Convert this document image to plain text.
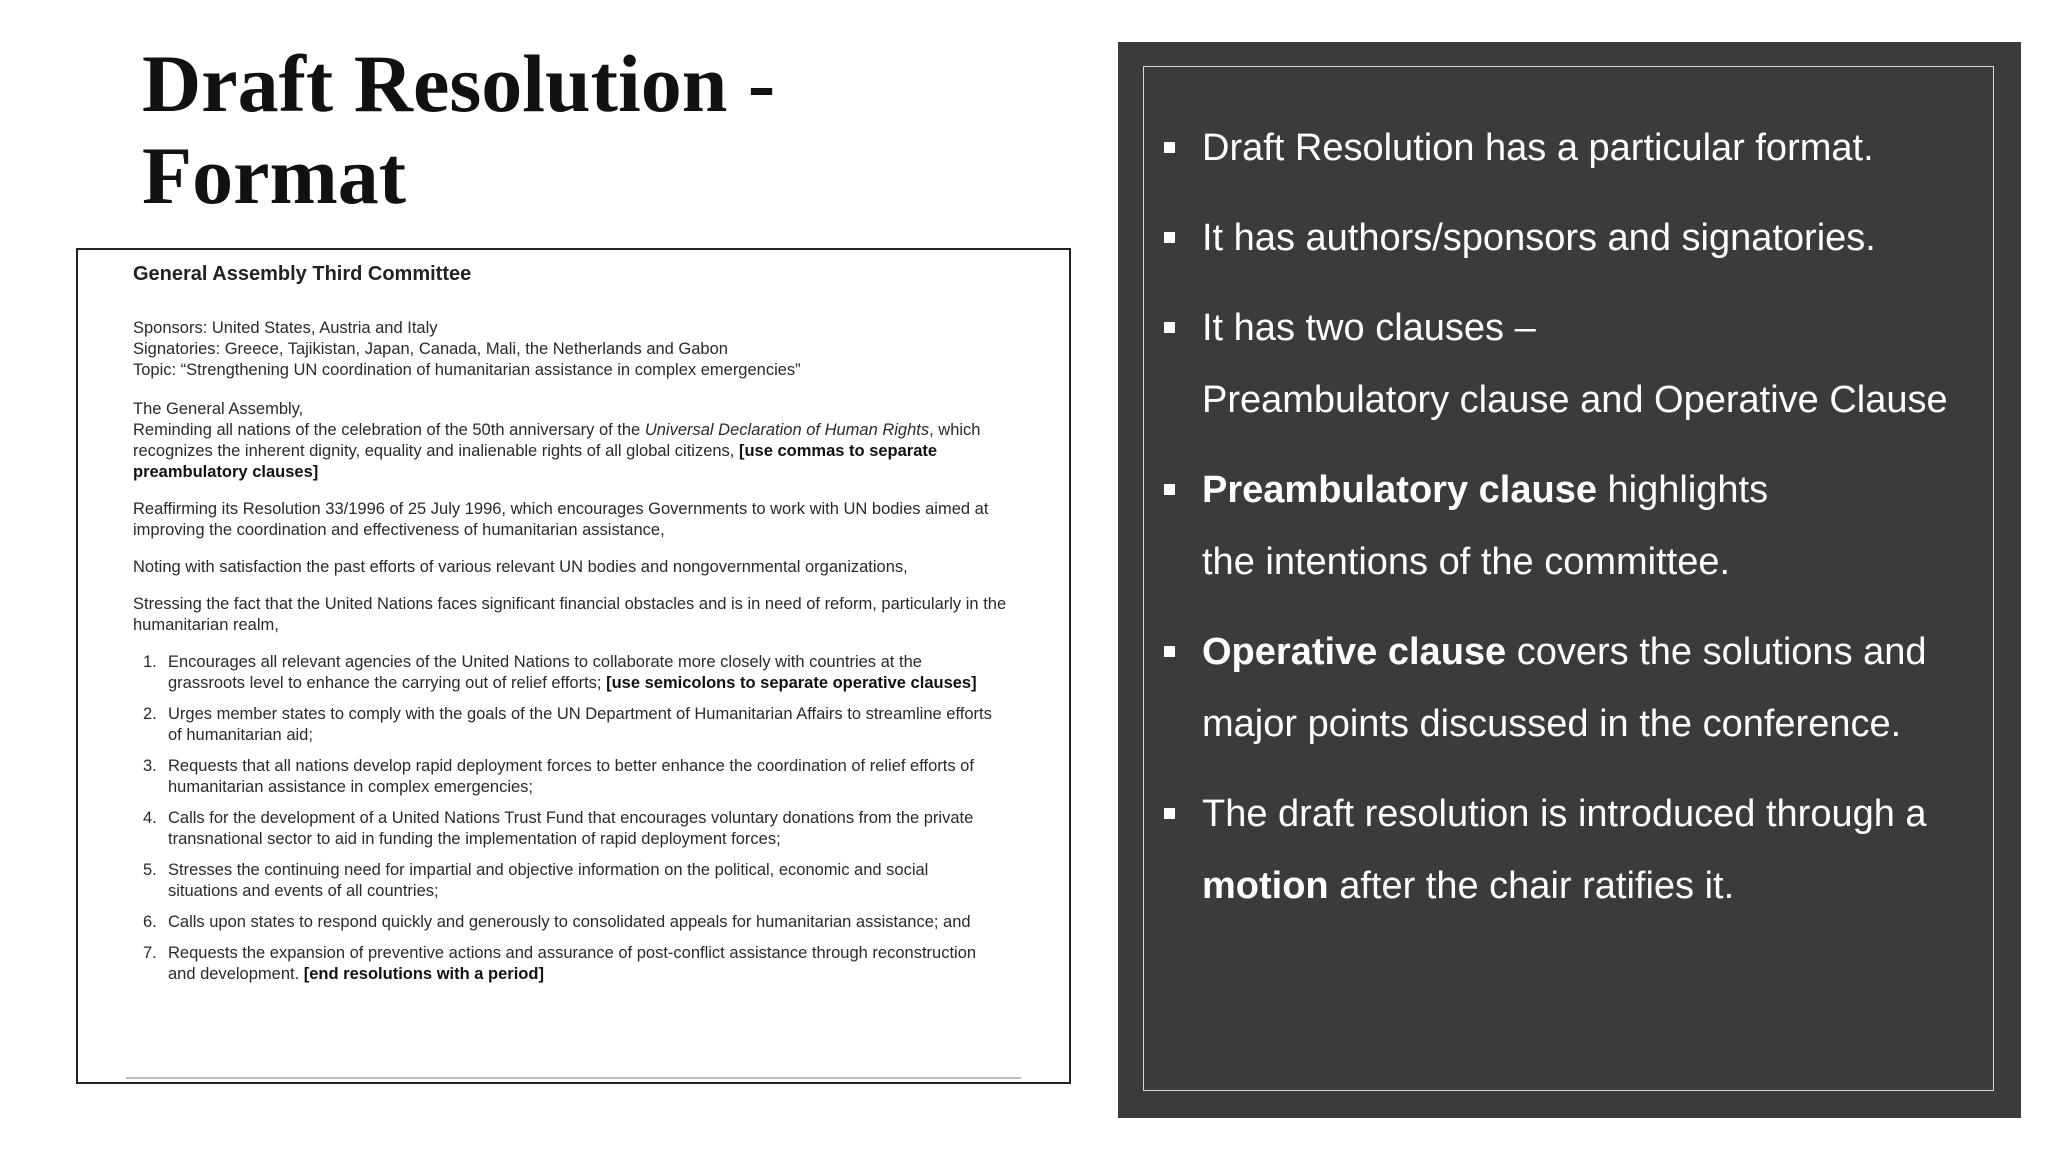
Draft Resolution -
Format

General Assembly Third Committee

Sponsors: United States, Austria and Italy

Signatories: Greece, Tajikistan, Japan, Canada, Mali, the Netherlands and Gabon

Topic: “Strengthening UN coordination of humanitarian assistance in complex emergencies”

The General Assembly,

Reminding all nations of the celebration of the 50th anniversary of the Universal Declaration of Human Rights, which recognizes the inherent dignity, equality and inalienable rights of all global citizens, [use commas to separate preambulatory clauses]

Reaffirming its Resolution 33/1996 of 25 July 1996, which encourages Governments to work with UN bodies aimed at improving the coordination and effectiveness of humanitarian assistance,

Noting with satisfaction the past efforts of various relevant UN bodies and nongovernmental organizations,

Stressing the fact that the United Nations faces significant financial obstacles and is in need of reform, particularly in the humanitarian realm,

1. Encourages all relevant agencies of the United Nations to collaborate more closely with countries at the grassroots level to enhance the carrying out of relief efforts; [use semicolons to separate operative clauses]
2. Urges member states to comply with the goals of the UN Department of Humanitarian Affairs to streamline efforts of humanitarian aid;
3. Requests that all nations develop rapid deployment forces to better enhance the coordination of relief efforts of humanitarian assistance in complex emergencies;
4. Calls for the development of a United Nations Trust Fund that encourages voluntary donations from the private transnational sector to aid in funding the implementation of rapid deployment forces;
5. Stresses the continuing need for impartial and objective information on the political, economic and social situations and events of all countries;
6. Calls upon states to respond quickly and generously to consolidated appeals for humanitarian assistance; and
7. Requests the expansion of preventive actions and assurance of post-conflict assistance through reconstruction and development. [end resolutions with a period]
Draft Resolution has a particular format.
It has authors/sponsors and signatories.
It has two clauses –
Preambulatory clause and Operative Clause
Preambulatory clause highlights
the intentions of the committee.
Operative clause covers the solutions and major points discussed in the conference.
The draft resolution is introduced through a motion after the chair ratifies it.
